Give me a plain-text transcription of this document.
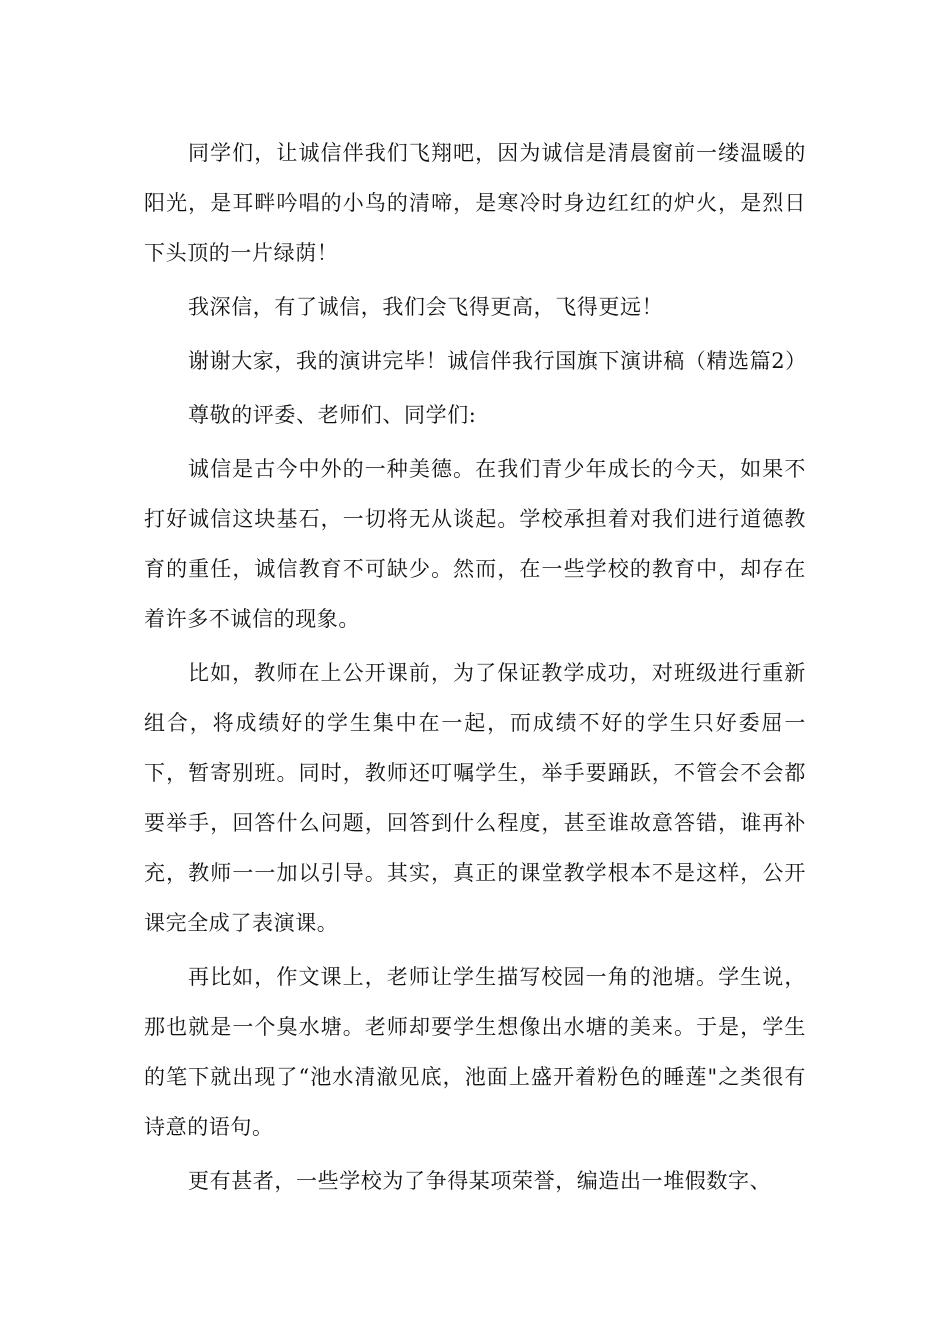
同学们，让诚信伴我们飞翔吧，因为诚信是清晨窗前一缕温暖的阳光，是耳畔吟唱的小鸟的清啼，是寒冷时身边红红的炉火，是烈日下头顶的一片绿荫！

我深信，有了诚信，我们会飞得更高，飞得更远！

谢谢大家，我的演讲完毕！诚信伴我行国旗下演讲稿（精选篇2）

尊敬的评委、老师们、同学们:

诚信是古今中外的一种美德。在我们青少年成长的今天，如果不打好诚信这块基石，一切将无从谈起。学校承担着对我们进行道德教育的重任，诚信教育不可缺少。然而，在一些学校的教育中，却存在着许多不诚信的现象。

比如，教师在上公开课前，为了保证教学成功，对班级进行重新组合，将成绩好的学生集中在一起，而成绩不好的学生只好委屈一下，暂寄别班。同时，教师还叮嘱学生，举手要踊跃，不管会不会都要举手，回答什么问题，回答到什么程度，甚至谁故意答错，谁再补充，教师一一加以引导。其实，真正的课堂教学根本不是这样，公开课完全成了表演课。

再比如，作文课上，老师让学生描写校园一角的池塘。学生说，那也就是一个臭水塘。老师却要学生想像出水塘的美来。于是，学生的笔下就出现了“池水清澈见底，池面上盛开着粉色的睡莲"之类很有诗意的语句。

更有甚者，一些学校为了争得某项荣誉，编造出一堆假数字、
